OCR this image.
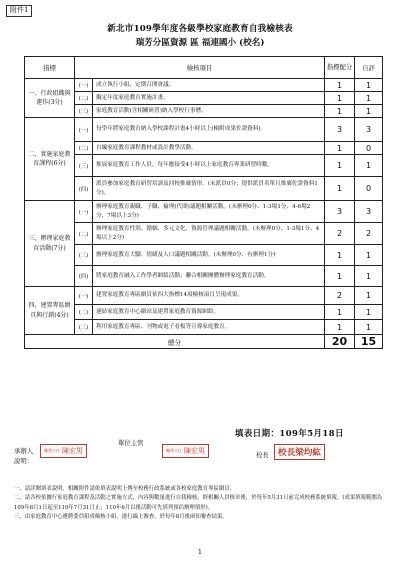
附件1
新北市109學年度各級學校家庭教育自我檢核表
瑞芳分區資源 區 福連國小 (校名)
指標	檢核項目		指標配分	自評
一、行政組織與運作(3分)	(一)	成立執行小組，定期召開會議。	1	1
	(二)	擬定年度家庭教育實施計畫。	1	1
	(三)	家庭教育活動(含相關研習)納入學校行事曆。	1	1
二、實施家庭教育課程(6分)	(一)	每學年將家庭教育納入學校課程計畫4小時以上(檢附成果佐證資料)。	3	3
	(二)	自編家庭教育課程教材或設計教學活動。	1	0
	(三)	推展家庭教育工作人員，每年應接受4小時以上家庭教育專業研習時數。	1	1
	(四)	派員參加家庭教育研習培訓及回校推廣情形。(未派員0分；提供派員名單且推廣佐證資料1分)。	1	0
三、辦理家庭教育活動(7分)	(一)	辦理家庭教育親職、子職、倫理(代間)議題相關活動。(未辦理0分、1-3場1分、4-6場2分、7場以上3分)	3	3
	(二)	辦理家庭教育性別、婚姻、多元文化、資源管理議題相關活動。(未辦理0分、1-3場1分、4場以上2分)	2	2
	(三)	辦理家庭教育大腳、情緒及人口議題相關活動。(未辦理0分、有辦理1分)	1	1
	(四)	將家庭教育融入工作學者網絡活動；聯合相關團體辦理家庭教育活動。	1	1
四、建置專區網頁與行銷(4分)	(一)	建置家庭教育專區網頁依四大指標14項檢核項目呈現成果。	2	1
	(二)	連結家庭教育中心網站及建置家庭教育資源網絡。	1	1
	(三)	利用家庭教育專區、刊物或電子看板等宣導家庭教育。	1	1
總分			20	15
填表日期：109年5月18日
承辦人
說明：
輔導主任 陳宏男
單位主管
輔導主任 陳宏男	校長	校長梁均紘

一、請詳閱填表說明，相關附件請依填表說明上傳至校務行政系統或各校家庭教育專區網頁。

二、請各校依據行家庭教育課程及活動之實施方式，內容與數量進行自我檢核，經相關人員核章後，於每年5月31日前完成校務系統填報。(成果填報範圍為109年8月1日起至110年7月31日止；110年6月以後活動可先填列預估辦理情形)。

三、由家庭教育中心遴聘委員組成檢核小組，進行線上審查，於每年8月後函知審查結果。

1
